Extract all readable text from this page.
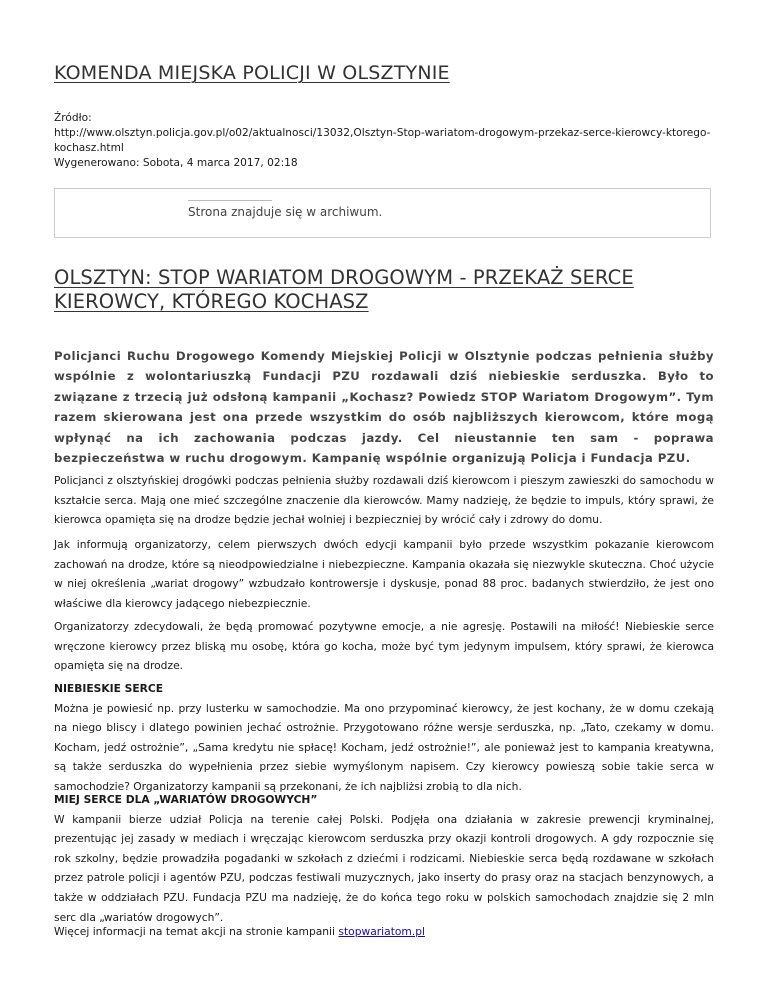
KOMENDA MIEJSKA POLICJI W OLSZTYNIE
Źródło:
http://www.olsztyn.policja.gov.pl/o02/aktualnosci/13032,Olsztyn-Stop-wariatom-drogowym-przekaz-serce-kierowcy-ktorego-kochasz.html
Wygenerowano: Sobota, 4 marca 2017, 02:18
Strona znajduje się w archiwum.
OLSZTYN: STOP WARIATOM DROGOWYM - PRZEKAŻ SERCE KIEROWCY, KTÓREGO KOCHASZ
Policjanci Ruchu Drogowego Komendy Miejskiej Policji w Olsztynie podczas pełnienia służby wspólnie z wolontariuszką Fundacji PZU rozdawali dziś niebieskie serduszka. Było to związane z trzecią już odsłoną kampanii „Kochasz? Powiedz STOP Wariatom Drogowym”. Tym razem skierowana jest ona przede wszystkim do osób najbliższych kierowcom, które mogą wpłynąć na ich zachowania podczas jazdy. Cel nieustannie ten sam - poprawa bezpieczeństwa w ruchu drogowym. Kampanię wspólnie organizują Policja i Fundacja PZU.
Policjanci z olsztyńskiej drogówki podczas pełnienia służby rozdawali dziś kierowcom i pieszym zawieszki do samochodu w kształcie serca. Mają one mieć szczególne znaczenie dla kierowców. Mamy nadzieję, że będzie to impuls, który sprawi, że kierowca opamięta się na drodze będzie jechał wolniej i bezpieczniej by wrócić cały i zdrowy do domu.
Jak informują organizatorzy, celem pierwszych dwóch edycji kampanii było przede wszystkim pokazanie kierowcom zachowań na drodze, które są nieodpowiedzialne i niebezpieczne. Kampania okazała się niezwykle skuteczna. Choć użycie w niej określenia „wariat drogowy” wzbudzało kontrowersje i dyskusje, ponad 88 proc. badanych stwierdziło, że jest ono właściwe dla kierowcy jadącego niebezpiecznie.
Organizatorzy zdecydowali, że będą promować pozytywne emocje, a nie agresję. Postawili na miłość! Niebieskie serce wręczone kierowcy przez bliską mu osobę, która go kocha, może być tym jedynym impulsem, który sprawi, że kierowca opamięta się na drodze.
NIEBIESKIE SERCE
Można je powiesić np. przy lusterku w samochodzie. Ma ono przypominać kierowcy, że jest kochany, że w domu czekają na niego bliscy i dlatego powinien jechać ostrożnie. Przygotowano różne wersje serduszka, np. „Tato, czekamy w domu. Kocham, jedź ostrożnie”, „Sama kredytu nie spłacę! Kocham, jedź ostrożnie!”, ale ponieważ jest to kampania kreatywna, są także serduszka do wypełnienia przez siebie wymyślonym napisem. Czy kierowcy powieszą sobie takie serca w samochodzie? Organizatorzy kampanii są przekonani, że ich najbliżsi zrobią to dla nich.
MIEJ SERCE DLA „WARIATÓW DROGOWYCH”
W kampanii bierze udział Policja na terenie całej Polski. Podjęła ona działania w zakresie prewencji kryminalnej, prezentując jej zasady w mediach i wręczając kierowcom serduszka przy okazji kontroli drogowych. A gdy rozpocznie się rok szkolny, będzie prowadziła pogadanki w szkołach z dziećmi i rodzicami. Niebieskie serca będą rozdawane w szkołach przez patrole policji i agentów PZU, podczas festiwali muzycznych, jako inserty do prasy oraz na stacjach benzynowych, a także w oddziałach PZU. Fundacja PZU ma nadzieję, że do końca tego roku w polskich samochodach znajdzie się 2 mln serc dla „wariatów drogowych”.
Więcej informacji na temat akcji na stronie kampanii stopwariatom.pl
